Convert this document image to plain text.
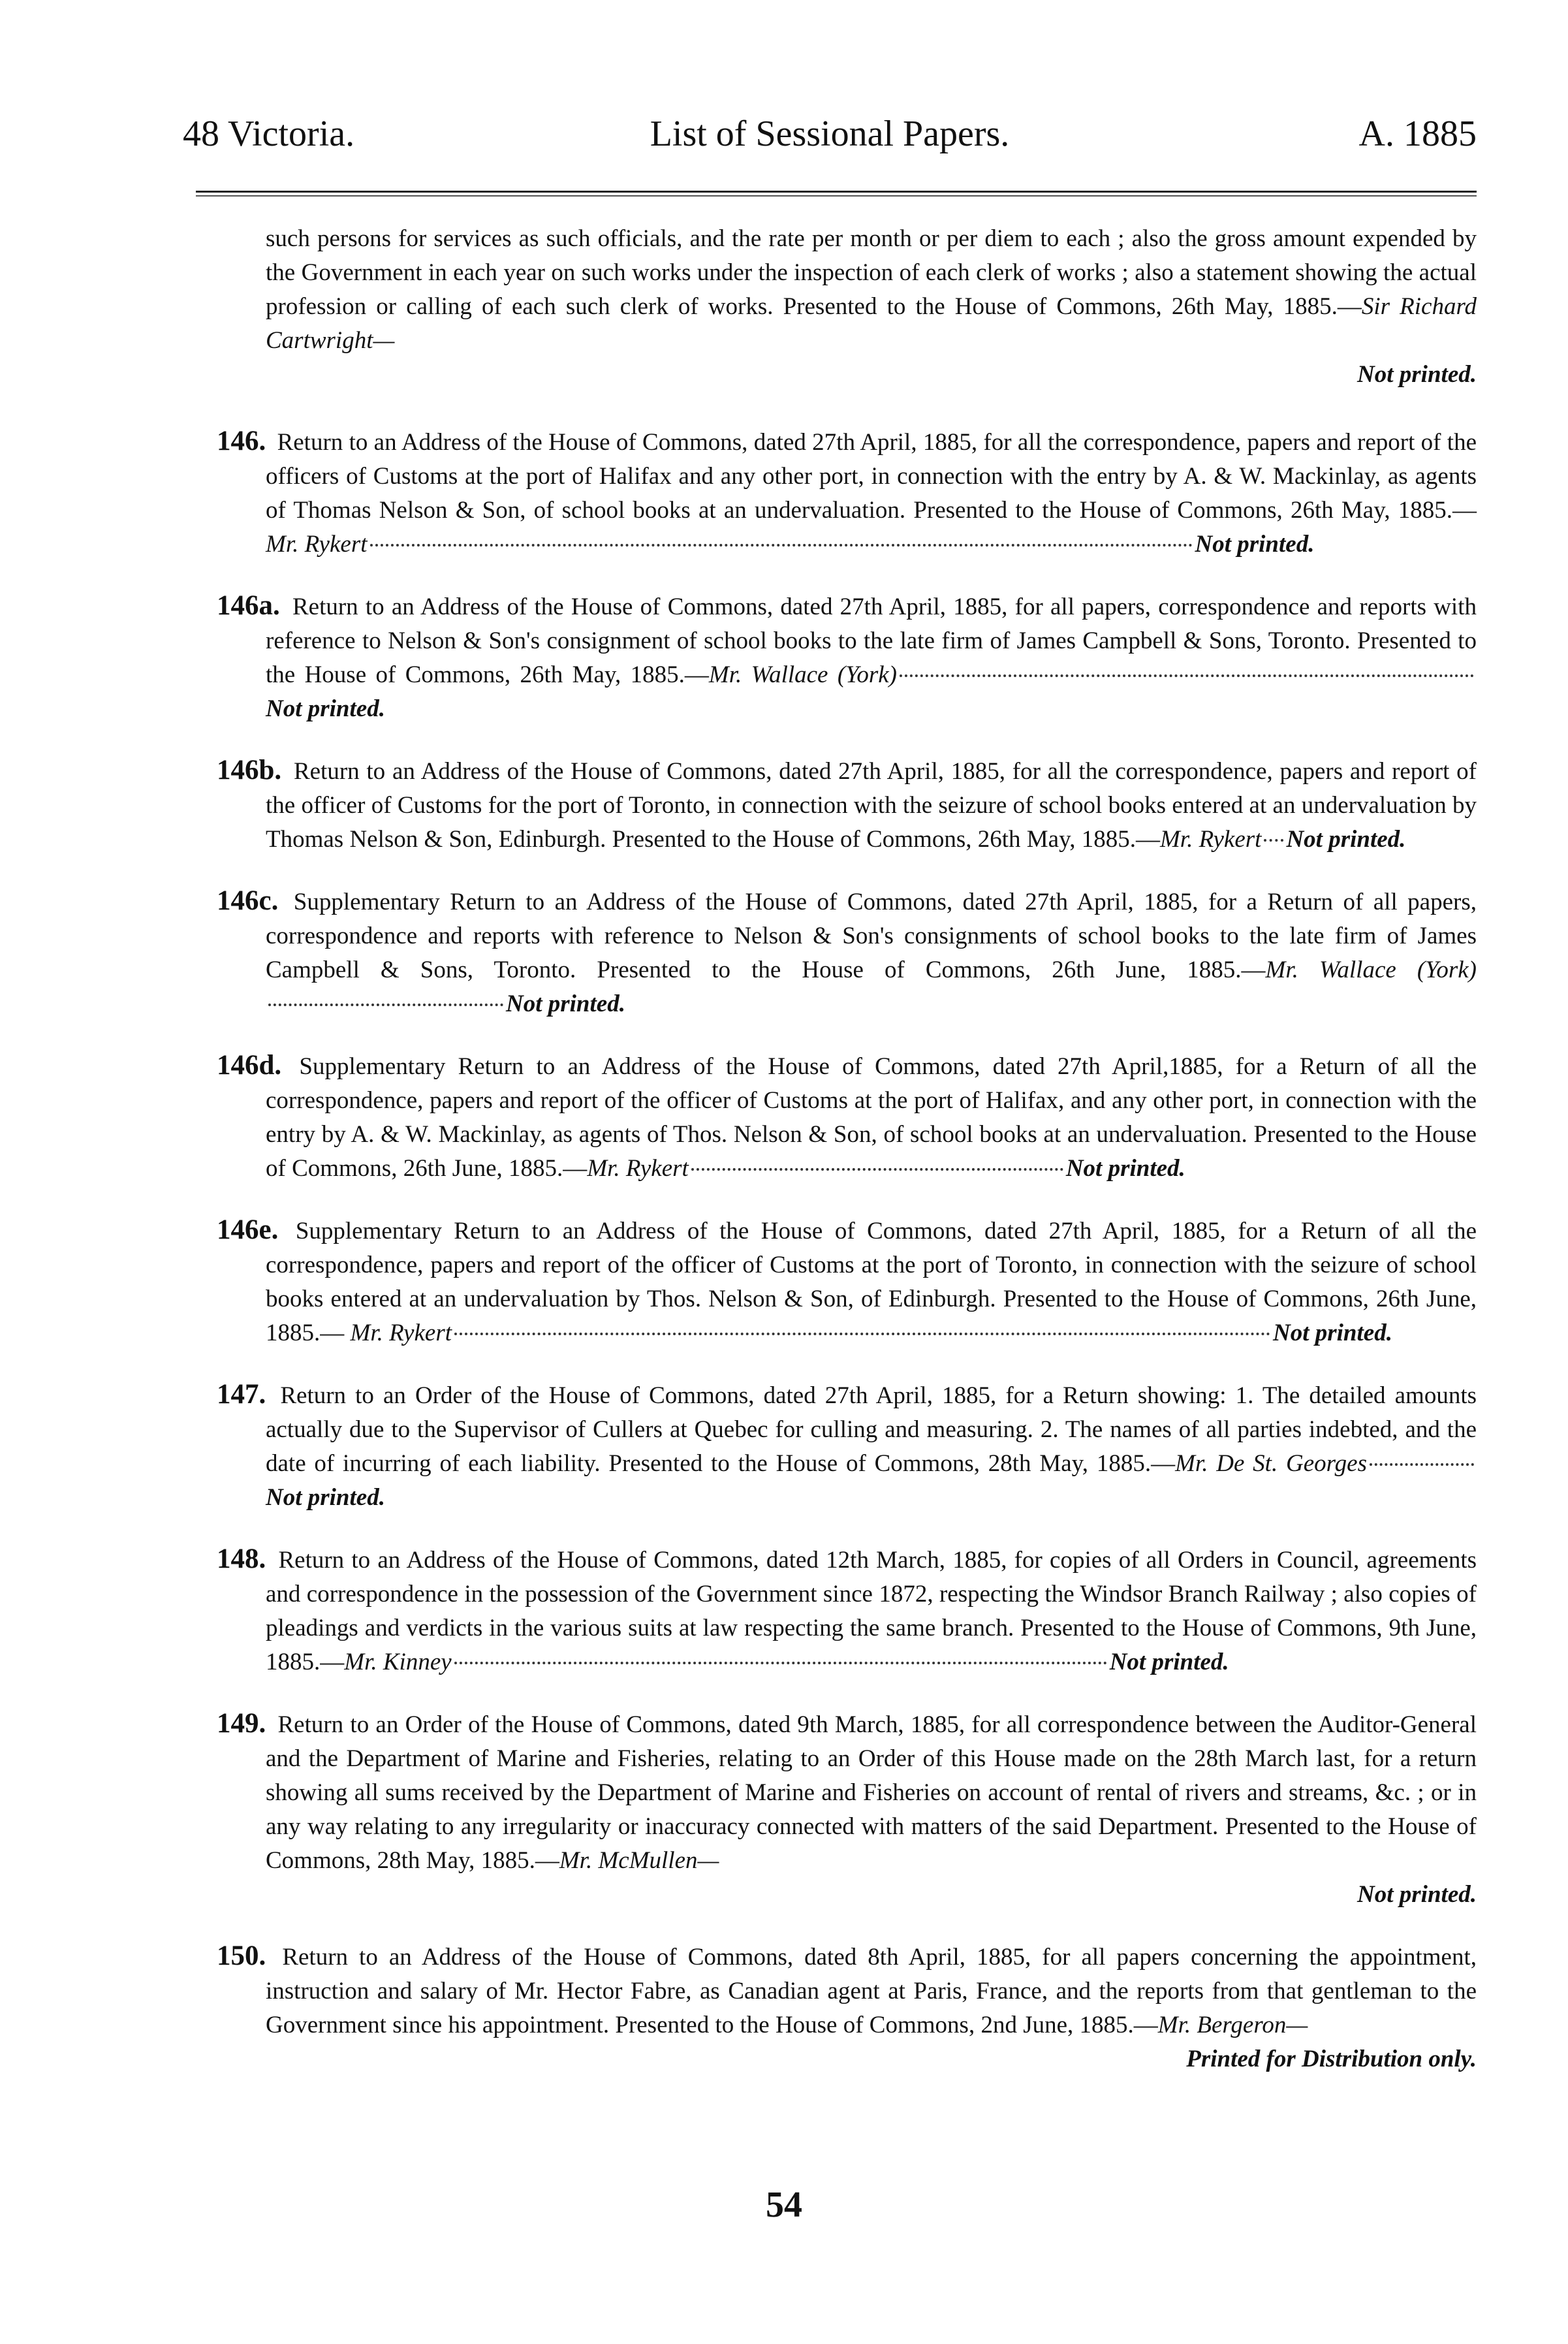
48 Victoria.	List of Sessional Papers.	A. 1885

such persons for services as such officials, and the rate per month or per diem to each ; also the gross amount expended by the Government in each year on such works under the inspection of each clerk of works ; also a statement showing the actual profession or calling of each such clerk of works. Presented to the House of Commons, 26th May, 1885.—Sir Richard Cartwright—
Not printed.

146. Return to an Address of the House of Commons, dated 27th April, 1885, for all the correspondence, papers and report of the officers of Customs at the port of Halifax and any other port, in connection with the entry by A. & W. Mackinlay, as agents of Thomas Nelson & Son, of school books at an undervaluation. Presented to the House of Commons, 26th May, 1885.— Mr. Rykert	Not printed.

146a. Return to an Address of the House of Commons, dated 27th April, 1885, for all papers, correspondence and reports with reference to Nelson & Son's consignment of school books to the late firm of James Campbell & Sons, Toronto. Presented to the House of Commons, 26th May, 1885.—Mr. Wallace (York)Not printed.

146b. Return to an Address of the House of Commons, dated 27th April, 1885, for all the correspondence, papers and report of the officer of Customs for the port of Toronto, in connection with the seizure of school books entered at an undervaluation by Thomas Nelson & Son, Edinburgh. Presented to the House of Commons, 26th May, 1885.—Mr. Rykert Not printed.

146c. Supplementary Return to an Address of the House of Commons, dated 27th April, 1885, for a Return of all papers, correspondence and reports with reference to Nelson & Son's consignments of school books to the late firm of James Campbell & Sons, Toronto. Presented to the House of Commons, 26th June, 1885.—Mr. Wallace (York)Not printed.

146d. Supplementary Return to an Address of the House of Commons, dated 27th April,1885, for a Return of all the correspondence, papers and report of the officer of Customs at the port of Halifax, and any other port, in connection with the entry by A. & W. Mackinlay, as agents of Thos. Nelson & Son, of school books at an undervaluation. Presented to the House of Commons, 26th June, 1885.—Mr. Rykert	Not printed.

146e. Supplementary Return to an Address of the House of Commons, dated 27th April, 1885, for a Return of all the correspondence, papers and report of the officer of Customs at the port of Toronto, in connection with the seizure of school books entered at an undervaluation by Thos. Nelson & Son, of Edinburgh. Presented to the House of Commons, 26th June, 1885.— Mr. Rykert	Not printed.

147. Return to an Order of the House of Commons, dated 27th April, 1885, for a Return showing: 1. The detailed amounts actually due to the Supervisor of Cullers at Quebec for culling and measuring. 2. The names of all parties indebted, and the date of incurring of each liability. Presented to the House of Commons, 28th May, 1885.—Mr. De St. GeorgesNot printed.

148. Return to an Address of the House of Commons, dated 12th March, 1885, for copies of all Orders in Council, agreements and correspondence in the possession of the Government since 1872, respecting the Windsor Branch Railway ; also copies of pleadings and verdicts in the various suits at law respecting the same branch. Presented to the House of Commons, 9th June, 1885.—Mr. Kinney	Not printed.

149. Return to an Order of the House of Commons, dated 9th March, 1885, for all correspondence between the Auditor-General and the Department of Marine and Fisheries, relating to an Order of this House made on the 28th March last, for a return showing all sums received by the Department of Marine and Fisheries on account of rental of rivers and streams, &c. ; or in any way relating to any irregularity or inaccuracy connected with matters of the said Department. Presented to the House of Commons, 28th May, 1885.—Mr. McMullen—
Not printed.

150. Return to an Address of the House of Commons, dated 8th April, 1885, for all papers concerning the appointment, instruction and salary of Mr. Hector Fabre, as Canadian agent at Paris, France, and the reports from that gentleman to the Government since his appointment. Presented to the House of Commons, 2nd June, 1885.—Mr. Bergeron—
Printed for Distribution only.

54
